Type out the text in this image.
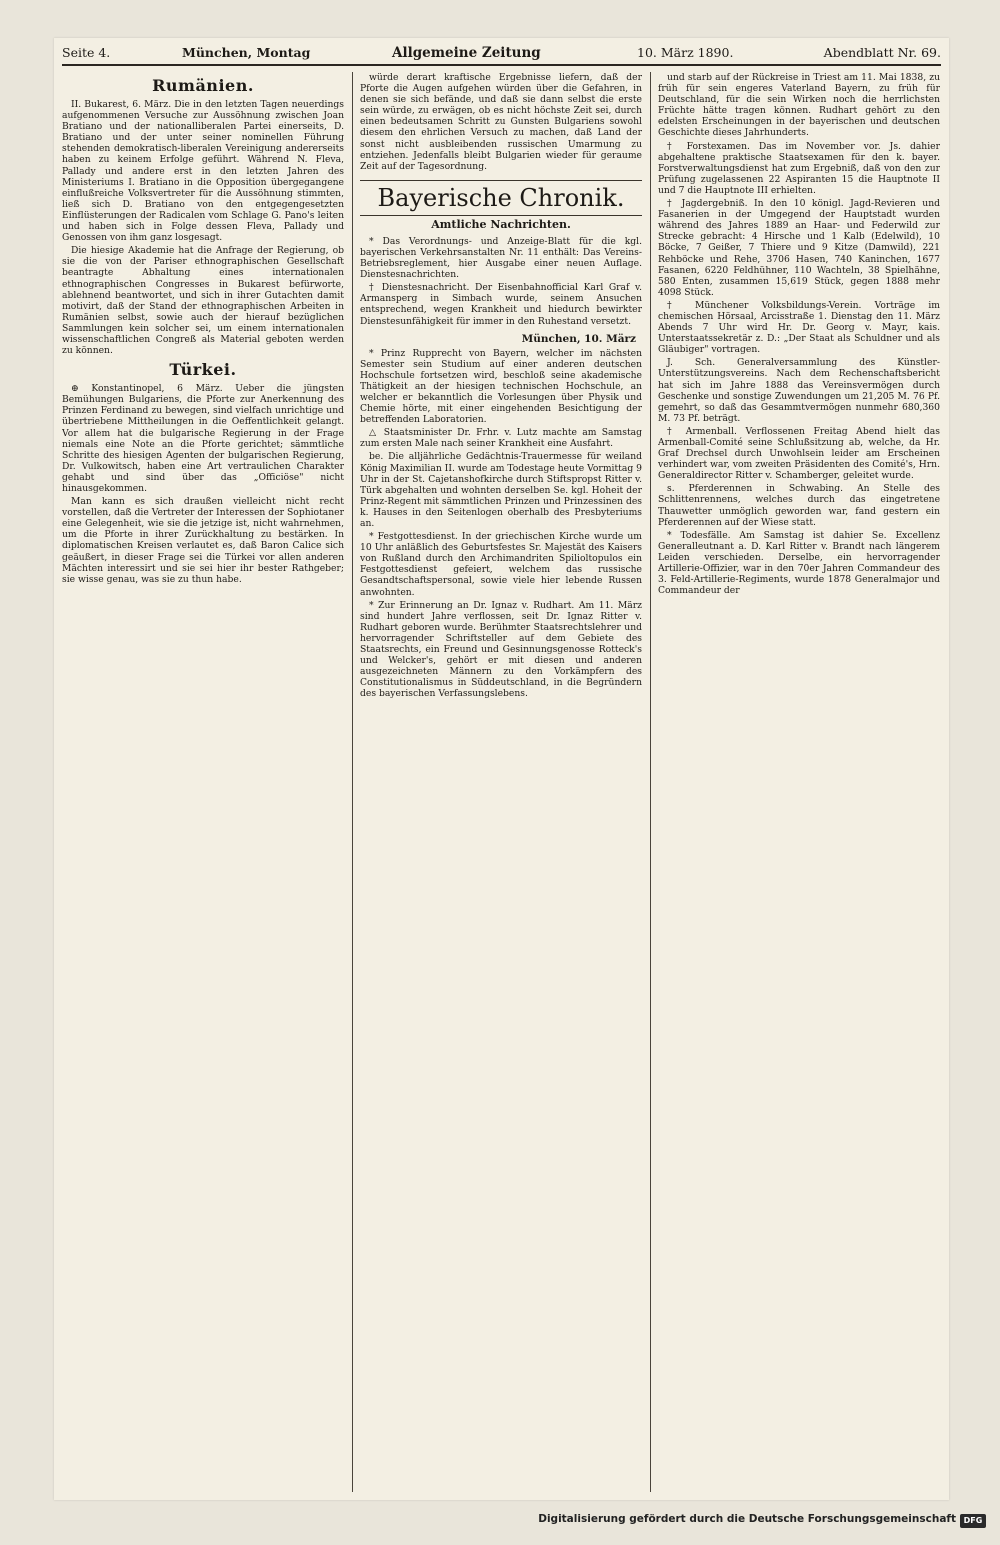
Seite 4.	München, Montag	Allgemeine Zeitung	10. März 1890.	Abendblatt Nr. 69.
Rumänien.

II. Bukarest, 6. März. Die in den letzten Tagen neuerdings aufgenommenen Versuche zur Aussöhnung zwischen Joan Bratiano und der nationalliberalen Partei einerseits, D. Bratiano und der unter seiner nominellen Führung stehenden demokratisch-liberalen Vereinigung andererseits haben zu keinem Erfolge geführt. Während N. Fleva, Pallady und andere erst in den letzten Jahren des Ministeriums I. Bratiano in die Opposition übergegangene einflußreiche Volksvertreter für die Aussöhnung stimmten, ließ sich D. Bratiano von den entgegengesetzten Einflüsterungen der Radicalen vom Schlage G. Pano's leiten und haben sich in Folge dessen Fleva, Pallady und Genossen von ihm ganz losgesagt.

Die hiesige Akademie hat die Anfrage der Regierung, ob sie die von der Pariser ethnographischen Gesellschaft beantragte Abhaltung eines internationalen ethnographischen Congresses in Bukarest befürworte, ablehnend beantwortet, und sich in ihrer Gutachten damit motivirt, daß der Stand der ethnographischen Arbeiten in Rumänien selbst, sowie auch der hierauf bezüglichen Sammlungen kein solcher sei, um einem internationalen wissenschaftlichen Congreß als Material geboten werden zu können.

Türkei.

⊕ Konstantinopel, 6 März. Ueber die jüngsten Bemühungen Bulgariens, die Pforte zur Anerkennung des Prinzen Ferdinand zu bewegen, sind vielfach unrichtige und übertriebene Mittheilungen in die Oeffentlichkeit gelangt. Vor allem hat die bulgarische Regierung in der Frage niemals eine Note an die Pforte gerichtet; sämmtliche Schritte des hiesigen Agenten der bulgarischen Regierung, Dr. Vulkowitsch, haben eine Art vertraulichen Charakter gehabt und sind über das „Officiöse" nicht hinausgekommen.

Man kann es sich draußen vielleicht nicht recht vorstellen, daß die Vertreter der Interessen der Sophiotaner eine Gelegenheit, wie sie die jetzige ist, nicht wahrnehmen, um die Pforte in ihrer Zurückhaltung zu bestärken. In diplomatischen Kreisen verlautet es, daß Baron Calice sich geäußert, in dieser Frage sei die Türkei vor allen anderen Mächten interessirt und sie sei hier ihr bester Rathgeber; sie wisse genau, was sie zu thun habe.

würde derart kraftische Ergebnisse liefern, daß der Pforte die Augen aufgehen würden über die Gefahren, in denen sie sich befände, und daß sie dann selbst die erste sein würde, zu erwägen, ob es nicht höchste Zeit sei, durch einen bedeutsamen Schritt zu Gunsten Bulgariens sowohl diesem den ehrlichen Versuch zu machen, daß Land der sonst nicht ausbleibenden russischen Umarmung zu entziehen. Jedenfalls bleibt Bulgarien wieder für geraume Zeit auf der Tagesordnung.

Bayerische Chronik.
Amtliche Nachrichten.

* Das Verordnungs- und Anzeige-Blatt für die kgl. bayerischen Verkehrsanstalten Nr. 11 enthält: Das Vereins-Betriebsreglement, hier Ausgabe einer neuen Auflage. Dienstesnachrichten.

† Dienstesnachricht. Der Eisenbahnofficial Karl Graf v. Armansperg in Simbach wurde, seinem Ansuchen entsprechend, wegen Krankheit und hiedurch bewirkter Dienstesunfähigkeit für immer in den Ruhestand versetzt.

München, 10. März

* Prinz Rupprecht von Bayern, welcher im nächsten Semester sein Studium auf einer anderen deutschen Hochschule fortsetzen wird, beschloß seine akademische Thätigkeit an der hiesigen technischen Hochschule, an welcher er bekanntlich die Vorlesungen über Physik und Chemie hörte, mit einer eingehenden Besichtigung der betreffenden Laboratorien.

△ Staatsminister Dr. Frhr. v. Lutz machte am Samstag zum ersten Male nach seiner Krankheit eine Ausfahrt.

be. Die alljährliche Gedächtnis-Trauermesse für weiland König Maximilian II. wurde am Todestage heute Vormittag 9 Uhr in der St. Cajetanshofkirche durch Stiftspropst Ritter v. Türk abgehalten und wohnten derselben Se. kgl. Hoheit der Prinz-Regent mit sämmtlichen Prinzen und Prinzessinen des k. Hauses in den Seitenlogen oberhalb des Presbyteriums an.

* Festgottesdienst. In der griechischen Kirche wurde um 10 Uhr anläßlich des Geburtsfestes Sr. Majestät des Kaisers von Rußland durch den Archimandriten Spilioltopulos ein Festgottesdienst gefeiert, welchem das russische Gesandtschaftspersonal, sowie viele hier lebende Russen anwohnten.

* Zur Erinnerung an Dr. Ignaz v. Rudhart. Am 11. März sind hundert Jahre verflossen, seit Dr. Ignaz Ritter v. Rudhart geboren wurde. Berühmter Staatsrechtslehrer und hervorragender Schriftsteller auf dem Gebiete des Staatsrechts, ein Freund und Gesinnungsgenosse Rotteck's und Welcker's, gehört er mit diesen und anderen ausgezeichneten Männern zu den Vorkämpfern des Constitutionalismus in Süddeutschland, in die Begründern des bayerischen Verfassungslebens.

und starb auf der Rückreise in Triest am 11. Mai 1838, zu früh für sein engeres Vaterland Bayern, zu früh für Deutschland, für die sein Wirken noch die herrlichsten Früchte hätte tragen können. Rudhart gehört zu den edelsten Erscheinungen in der bayerischen und deutschen Geschichte dieses Jahrhunderts.

† Forstexamen. Das im November vor. Js. dahier abgehaltene praktische Staatsexamen für den k. bayer. Forstverwaltungsdienst hat zum Ergebniß, daß von den zur Prüfung zugelassenen 22 Aspiranten 15 die Hauptnote II und 7 die Hauptnote III erhielten.

† Jagdergebniß. In den 10 königl. Jagd-Revieren und Fasanerien in der Umgegend der Hauptstadt wurden während des Jahres 1889 an Haar- und Federwild zur Strecke gebracht: 4 Hirsche und 1 Kalb (Edelwild), 10 Böcke, 7 Geißer, 7 Thiere und 9 Kitze (Damwild), 221 Rehböcke und Rehe, 3706 Hasen, 740 Kaninchen, 1677 Fasanen, 6220 Feldhühner, 110 Wachteln, 38 Spielhähne, 580 Enten, zusammen 15,619 Stück, gegen 1888 mehr 4098 Stück.

† Münchener Volksbildungs-Verein. Vorträge im chemischen Hörsaal, Arcisstraße 1. Dienstag den 11. März Abends 7 Uhr wird Hr. Dr. Georg v. Mayr, kais. Unterstaatssekretär z. D.: „Der Staat als Schuldner und als Gläubiger" vortragen.

J. Sch. Generalversammlung des Künstler-Unterstützungsvereins. Nach dem Rechenschaftsbericht hat sich im Jahre 1888 das Vereinsvermögen durch Geschenke und sonstige Zuwendungen um 21,205 M. 76 Pf. gemehrt, so daß das Gesammtvermögen nunmehr 680,360 M. 73 Pf. beträgt.

† Armenball. Verflossenen Freitag Abend hielt das Armenball-Comité seine Schlußsitzung ab, welche, da Hr. Graf Drechsel durch Unwohlsein leider am Erscheinen verhindert war, vom zweiten Präsidenten des Comité's, Hrn. Generaldirector Ritter v. Schamberger, geleitet wurde.

s. Pferderennen in Schwabing. An Stelle des Schlittenrennens, welches durch das eingetretene Thauwetter unmöglich geworden war, fand gestern ein Pferderennen auf der Wiese statt.

* Todesfälle. Am Samstag ist dahier Se. Excellenz Generalleutnant a. D. Karl Ritter v. Brandt nach längerem Leiden verschieden. Derselbe, ein hervorragender Artillerie-Offizier, war in den 70er Jahren Commandeur des 3. Feld-Artillerie-Regiments, wurde 1878 Generalmajor und Commandeur der

Digitalisierung gefördert durch die Deutsche Forschungsgemeinschaft DFG
